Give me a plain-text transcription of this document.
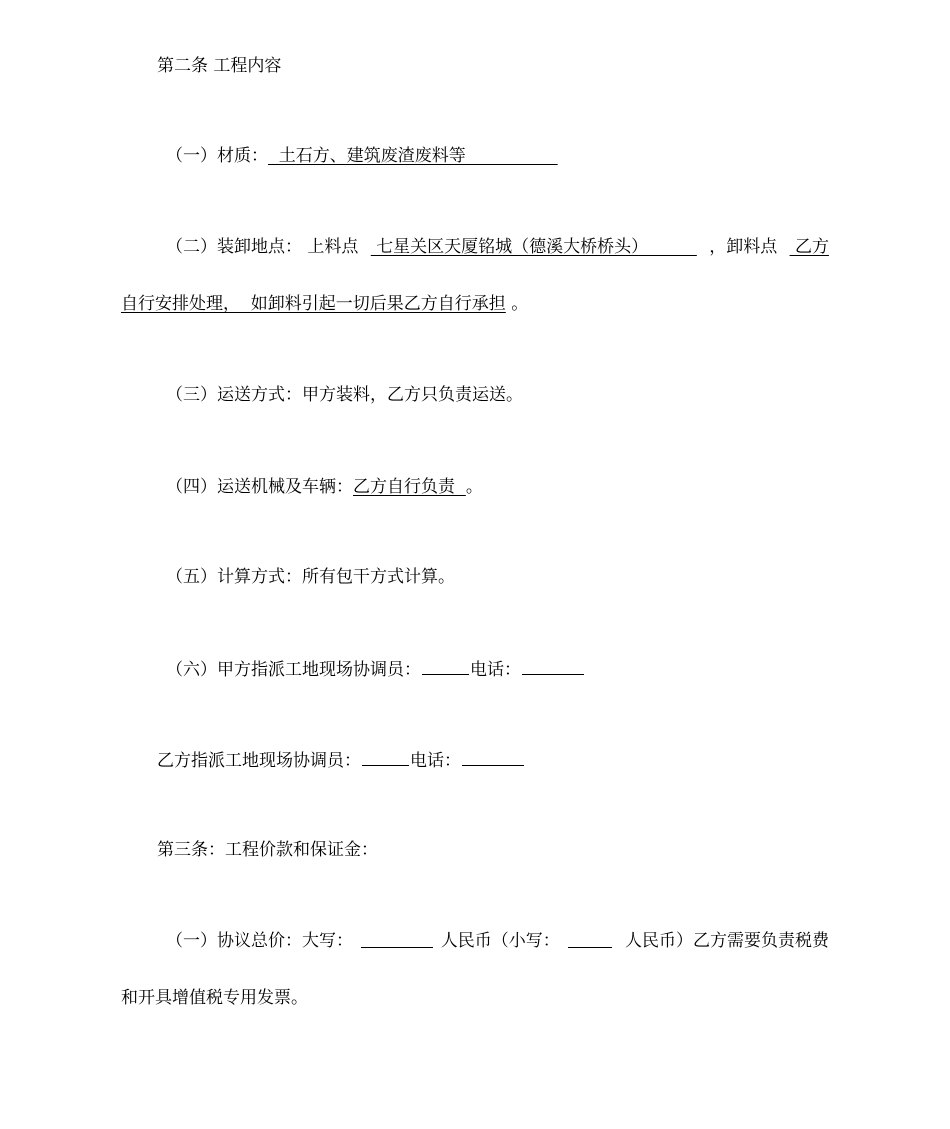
第二条 工程内容
（一）材质：  土石方、建筑废渣废料等
（二）装卸地点： 上料点 七星关区天厦铭城（德溪大桥桥头） ，卸料点 乙方
自行安排处理，  如卸料引起一切后果乙方自行承担 。
（三）运送方式：甲方装料，乙方只负责运送。
（四）运送机械及车辆：乙方自行负责  。
（五）计算方式：所有包干方式计算。
（六）甲方指派工地现场协调员：	电话：
乙方指派工地现场协调员：	电话：
第三条：工程价款和保证金：
（一）协议总价：大写：	人民币（小写：	人民币）乙方需要负责税费
和开具增值税专用发票。
